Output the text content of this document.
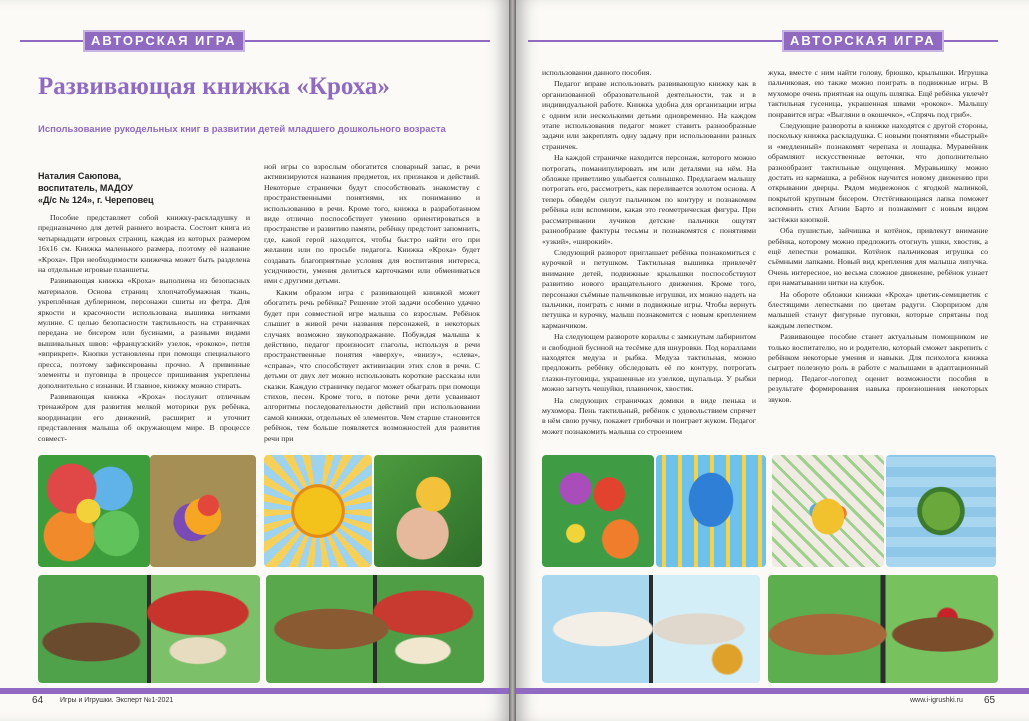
АВТОРСКАЯ ИГРА
Развивающая книжка «Кроха»
Использование рукодельных книг в развитии детей младшего дошкольного возраста
Наталия Саюпова,
воспитатель, МАДОУ
«Д/с № 124», г. Череповец

Пособие представляет собой книжку-раскладушку и предназначено для детей раннего возраста. Состоит книга из четырнадцати игровых страниц, каждая из которых размером 16х16 см. Книжка маленького размера, поэтому её название «Кроха». При необходимости книжечка может быть разделена на отдельные игровые планшеты.

Развивающая книжка «Кроха» выполнена из безопасных материалов. Основа страниц хлопчатобумажная ткань, укреплённая дублерином, персонажи сшиты из фетра. Для яркости и красочности использована вышивка нитками мулине. С целью безопасности тактильность на страничках передана не бисером или бусинами, а разными видами вышивальных швов: «французский» узелок, «рококо», петля «вприкреп». Кнопки установлены при помощи специального пресса, поэтому зафиксированы прочно. А привинные элементы и пуговицы в процессе пришивания укреплены дополнительно с изнанки. И главное, книжку можно стирать.

Развивающая книжка «Кроха» послужит отличным тренажёром для развития мелкой моторики рук ребёнка, координации его движений, расширит и уточнит представления малыша об окружающем мире. В процессе совмест-

ной игры со взрослым обогатится словарный запас, в речи активизируются названия предметов, их признаков и действий. Некоторые странички будут способствовать знакомству с пространственными понятиями, их пониманию и использованию в речи. Кроме того, книжка в разработанном виде отлично поспособствует умению ориентироваться в пространстве и развитию памяти, ребёнку предстоит запомнить, где, какой герой находится, чтобы быстро найти его при желании или по просьбе педагога. Книжка «Кроха» будет создавать благоприятные условия для воспитания интереса, усидчивости, умения делиться карточками или обмениваться ими с другими детьми.

Каким образом игра с развивающей книжкой может обогатить речь ребёнка? Решение этой задачи особенно удачно будет при совместной игре малыша со взрослым. Ребёнок слышит в живой речи названия персонажей, в некоторых случаях возможно звукоподражание. Побуждая малыша к действию, педагог произносит глаголы, используя в речи пространственные понятия «вверху», «внизу», «слева», «справа», что способствует активизации этих слов в речи. С детьми от двух лет можно использовать короткие рассказы или сказки. Каждую страничку педагог может обыграть при помощи стихов, песен. Кроме того, в потоке речи дети усваивают алгоритмы последовательности действий при использовании самой книжки, отдельных её элементов. Чем старше становится ребёнок, тем больше появляется возможностей для развития речи при

64 Игры и Игрушки. Эксперт №1-2021
АВТОРСКАЯ ИГРА

использовании данного пособия.

Педагог вправе использовать развивающую книжку как в организованной образовательной деятельности, так и в индивидуальной работе. Книжка удобна для организации игры с одним или несколькими детьми одновременно. На каждом этапе использования педагог может ставить разнообразные задачи или закреплять одну задачу при использовании разных страничек.

На каждой страничке находится персонаж, которого можно потрогать, поманипулировать им или деталями на нём. На обложке приветливо улыбается солнышко. Предлагаем малышу потрогать его, рассмотреть, как переливается золотом основа. А теперь обведём силуэт пальчиком по контуру и познакомим ребёнка или вспомним, какая это геометрическая фигура. При рассматривании лучиков детские пальчики ощутят разнообразие фактуры тесьмы и познакомятся с понятиями «узкий», «широкий».

Следующий разворот приглашает ребёнка познакомиться с курочкой и петушком. Тактильная вышивка привлечёт внимание детей, подвижные крылышки поспособствуют развитию нового вращательного движения. Кроме того, персонажи съёмные пальчиковые игрушки, их можно надеть на пальчики, поиграть с ними в подвижные игры. Чтобы вернуть петушка и курочку, малыш познакомится с новым креплением карманчиком.

На следующем развороте кораллы с замкнутым лабиринтом и свободной бусиной на тесёмке для шнуровки. Под кораллами находятся медуза и рыбка. Медуза тактильная, можно предложить ребёнку обследовать её по контуру, потрогать глазки-пуговицы, украшенные из узелков, щупальца. У рыбки можно загнуть чешуйки, плавничок, хвостик.

На следующих страничках домики в виде пенька и мухомора. Пень тактильный, ребёнок с удовольствием спрячет в нём свою ручку, покажет грибочки и поиграет жуком. Педагог может познакомить малыша со строением

жука, вместе с ним найти голову, брюшко, крылышки. Игрушка пальчиковая, ею также можно поиграть в подвижные игры. В мухоморе очень приятная на ощупь шляпка. Ещё ребёнка увлечёт тактильная гусеница, украшенная швами «рококо». Малышу понравится игра: «Выгляни в окошечко», «Спрячь под гриб».

Следующие развороты в книжке находятся с другой стороны, поскольку книжка раскладушка. С новыми понятиями «быстрый» и «медленный» познакомят черепаха и лошадка. Муравейник обрамляют искусственные веточки, что дополнительно разнообразит тактильные ощущения. Муравьишку можно достать из кармашка, а ребёнок научится новому движению при открывании дверцы. Рядом медвежонок с ягодкой малинкой, покрытой крупным бисером. Отстёгивающаяся лапка поможет вспомнить стих Агнии Барто и познакомит с новым видом застёжки кнопкой.

Оба пушистые, зайчишка и котёнок, привлекут внимание ребёнка, которому можно предложить отогнуть ушки, хвостик, а ещё лепестки ромашки. Котёнок пальчиковая игрушка со съёмными лапками. Новый вид крепления для малыша липучка. Очень интересное, но весьма сложное движение, ребёнок узнает при наматывании нитки на клубок.

На обороте обложки книжки «Кроха» цветик-семицветик с блестящими лепестками по цветам радуги. Сюрпризом для малышей станут фигурные пуговки, которые спрятаны под каждым лепестком.

Развивающее пособие станет актуальным помощником не только воспитателю, но и родителю, который сможет закрепить с ребёнком некоторые умения и навыки. Для психолога книжка сыграет полезную роль в работе с малышами в адаптационный период. Педагог-логопед оценит возможности пособия в результате формирования навыка произношения некоторых звуков.

www.i-igrushki.ru 65
